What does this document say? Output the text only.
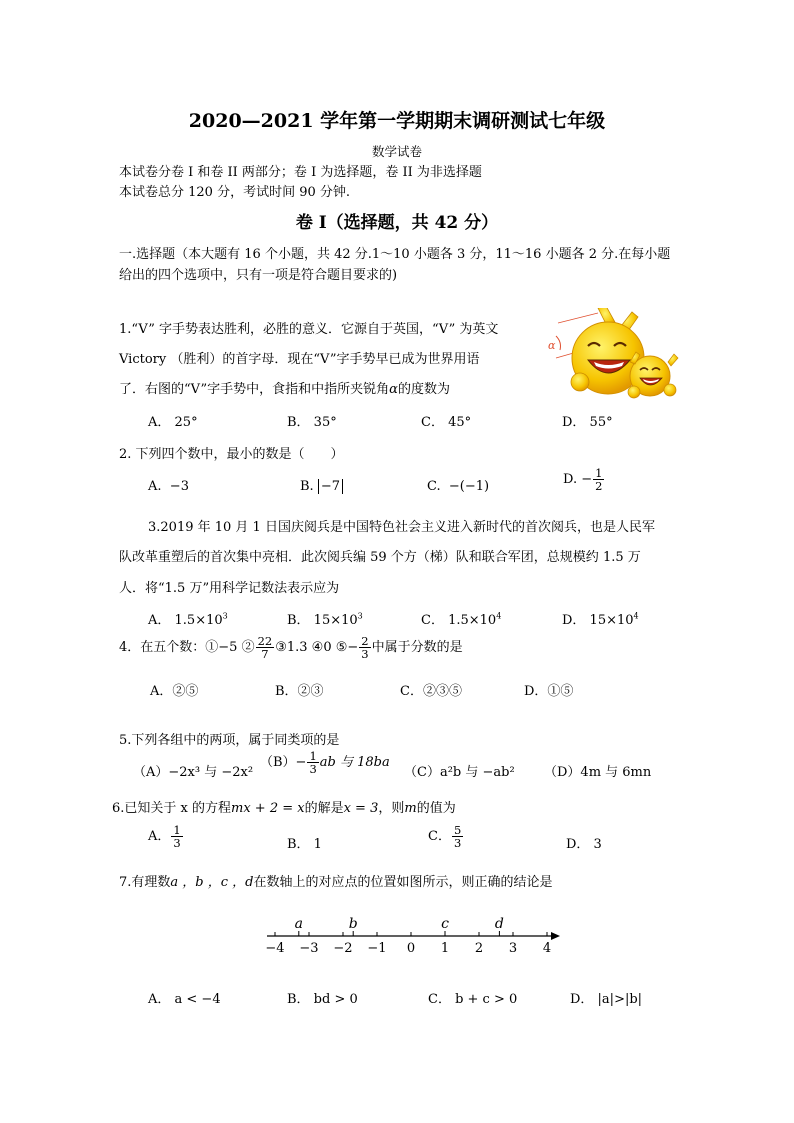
2020—2021 学年第一学期期末调研测试七年级
数学试卷
本试卷分卷 I 和卷 II 两部分；卷 I 为选择题，卷 II 为非选择题
本试卷总分 120 分，考试时间 90 分钟.
卷 I（选择题，共 42 分）
一.选择题（本大题有 16 个小题，共 42 分.1～10 小题各 3 分，11～16 小题各 2 分.在每小题
给出的四个选项中，只有一项是符合题目要求的)
1.“V” 字手势表达胜利，必胜的意义．它源自于英国，“V” 为英文
Victory （胜利）的首字母．现在“V”字手势早已成为世界用语
了．右图的“V”字手势中，食指和中指所夹锐角α的度数为
α
A． 25°	B． 35°	C． 45°	D． 55°
2. 下列四个数中，最小的数是（　　）
A. −3	B. −7	C. −(−1)	D. − $\frac{1}{2}$
3.2019 年 10 月 1 日国庆阅兵是中国特色社会主义进入新时代的首次阅兵，也是人民军
队改革重塑后的首次集中亮相．此次阅兵编 59 个方（梯）队和联合军团，总规模约 1.5 万
人．将“1.5 万”用科学记数法表示应为
A． $1.5\times 10^3$	B． $15\times 10^3$	C． $1.5\times 10^4$	D． $15\times 10^4$
4．在五个数：①−5 ② $\frac{22}{7}$ ③1.3 ④0 ⑤− $\frac{2}{3}$ 中属于分数的是
A．②⑤	B．②③	C．②③⑤	D．①⑤
5.下列各组中的两项，属于同类项的是
（A）−2x³ 与 −2x²
$(B)- \frac{1}{3}$ ab 与 18ba
（C）a²b 与 −ab² （D）4m 与 6mn
6.已知关于 x 的方程mx + 2 = x的解是x = 3，则m的值为
A． $\frac{1}{3}$	B． 1
C． $\frac{5}{3}$	D． 3
7.有理数a ，b ，c ，d在数轴上的对应点的位置如图所示，则正确的结论是
−4 −3 −2 −1 0 1 2 3 4
a	b	c	d
A． a < −4	B． bd > 0	C． b + c > 0	D． |a|>|b|
